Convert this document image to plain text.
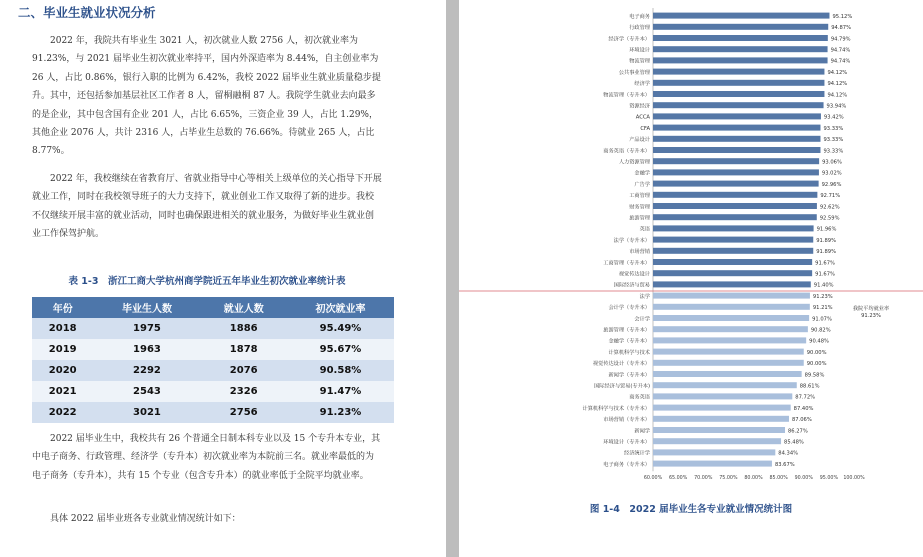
二、毕业生就业状况分析

2022 年，我院共有毕业生 3021 人，初次就业人数 2756 人，初次就业率为 91.23%，与 2021 届毕业生初次就业率持平，国内外深造率为 8.44%，自主创业率为 26 人，占比 0.86%，银行入职的比例为 6.42%，我校 2022 届毕业生就业质量稳步提升。其中，还包括参加基层社区工作者 8 人，留桐融桐 87 人。我院学生就业去向最多的是企业，其中包含国有企业 201 人，占比 6.65%，三资企业 39 人，占比 1.29%，其他企业 2076 人，共计 2316 人，占毕业生总数的 76.66%。待就业 265 人，占比 8.77%。

2022 年，我校继续在省教育厅、省就业指导中心等相关上级单位的关心指导下开展就业工作，同时在我校领导班子的大力支持下，就业创业工作又取得了新的进步。我校不仅继续开展丰富的就业活动，同时也确保跟进相关的就业服务，为做好毕业生就业创业工作保驾护航。

表 1-3　浙江工商大学杭州商学院近五年毕业生初次就业率统计表
年份	毕业生人数	就业人数	初次就业率
2018	1975	1886	95.49%
2019	1963	1878	95.67%
2020	2292	2076	90.58%
2021	2543	2326	91.47%
2022	3021	2756	91.23%

2022 届毕业生中，我校共有 26 个普通全日制本科专业以及 15 个专升本专业，其中电子商务、行政管理、经济学（专升本）初次就业率为本院前三名。就业率最低的为电子商务（专升本），共有 15 个专业（包含专升本）的就业率低于全院平均就业率。

具体 2022 届毕业班各专业就业情况统计如下：

电子商务	95.12%
行政管理	94.87%
经济学（专升本）	94.79%
环境设计	94.74%
物流管理	94.74%
公共事业管理	94.12%
经济学	94.12%
物流管理（专升本）	94.12%
资源经济	93.94%
ACCA	93.42%
CFA	93.33%
产品设计	93.33%
商务英语（专升本）	93.33%
人力资源管理	93.06%
金融学	93.02%
广告学	92.96%
工商管理	92.71%
财务管理	92.62%
旅游管理	92.59%
英语	91.96%
法学（专升本）	91.89%
市场营销	91.89%
工商管理（专升本）	91.67%
视觉传达设计	91.67%
国际经济与贸易	91.40%
法学	91.23%
会计学（专升本）	91.21%
会计学	91.07%
旅游管理（专升本）	90.82%
金融学（专升本）	90.48%
计算机科学与技术	90.00%
视觉传达设计（专升本）	90.00%
新闻学（专升本）	89.58%
国际经济与贸易(专升本)	88.61%
商务英语	87.72%
计算机科学与技术（专升本）	87.40%
市场营销（专升本）	87.06%
新闻学	86.27%
环境设计（专升本）	85.48%
经济统计学	84.34%
电子商务（专升本）	83.67%
60.00% 65.00% 70.00% 75.00% 80.00% 85.00% 90.00% 95.00% 100.00%
我院平均就业率
91.23%
图 1-4　2022 届毕业生各专业就业情况统计图
